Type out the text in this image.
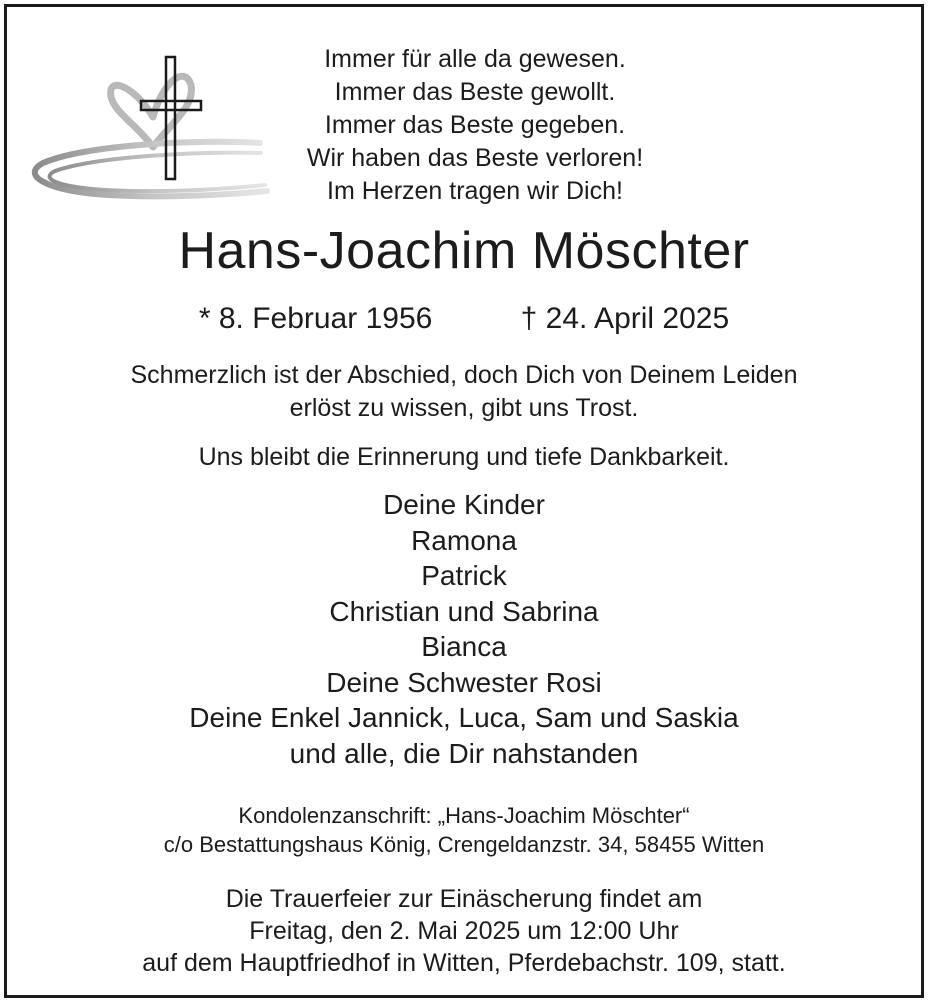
Immer für alle da gewesen.
Immer das Beste gewollt.
Immer das Beste gegeben.
Wir haben das Beste verloren!
Im Herzen tragen wir Dich!
Hans-Joachim Möschter
* 8. Februar 1956	† 24. April 2025
Schmerzlich ist der Abschied, doch Dich von Deinem Leiden
erlöst zu wissen, gibt uns Trost.
Uns bleibt die Erinnerung und tiefe Dankbarkeit.
Deine Kinder
Ramona
Patrick
Christian und Sabrina
Bianca
Deine Schwester Rosi
Deine Enkel Jannick, Luca, Sam und Saskia
und alle, die Dir nahstanden
Kondolenzanschrift: „Hans-Joachim Möschter“
c/o Bestattungshaus König, Crengeldanzstr. 34, 58455 Witten
Die Trauerfeier zur Einäscherung findet am
Freitag, den 2. Mai 2025 um 12:00 Uhr
auf dem Hauptfriedhof in Witten, Pferdebachstr. 109, statt.
